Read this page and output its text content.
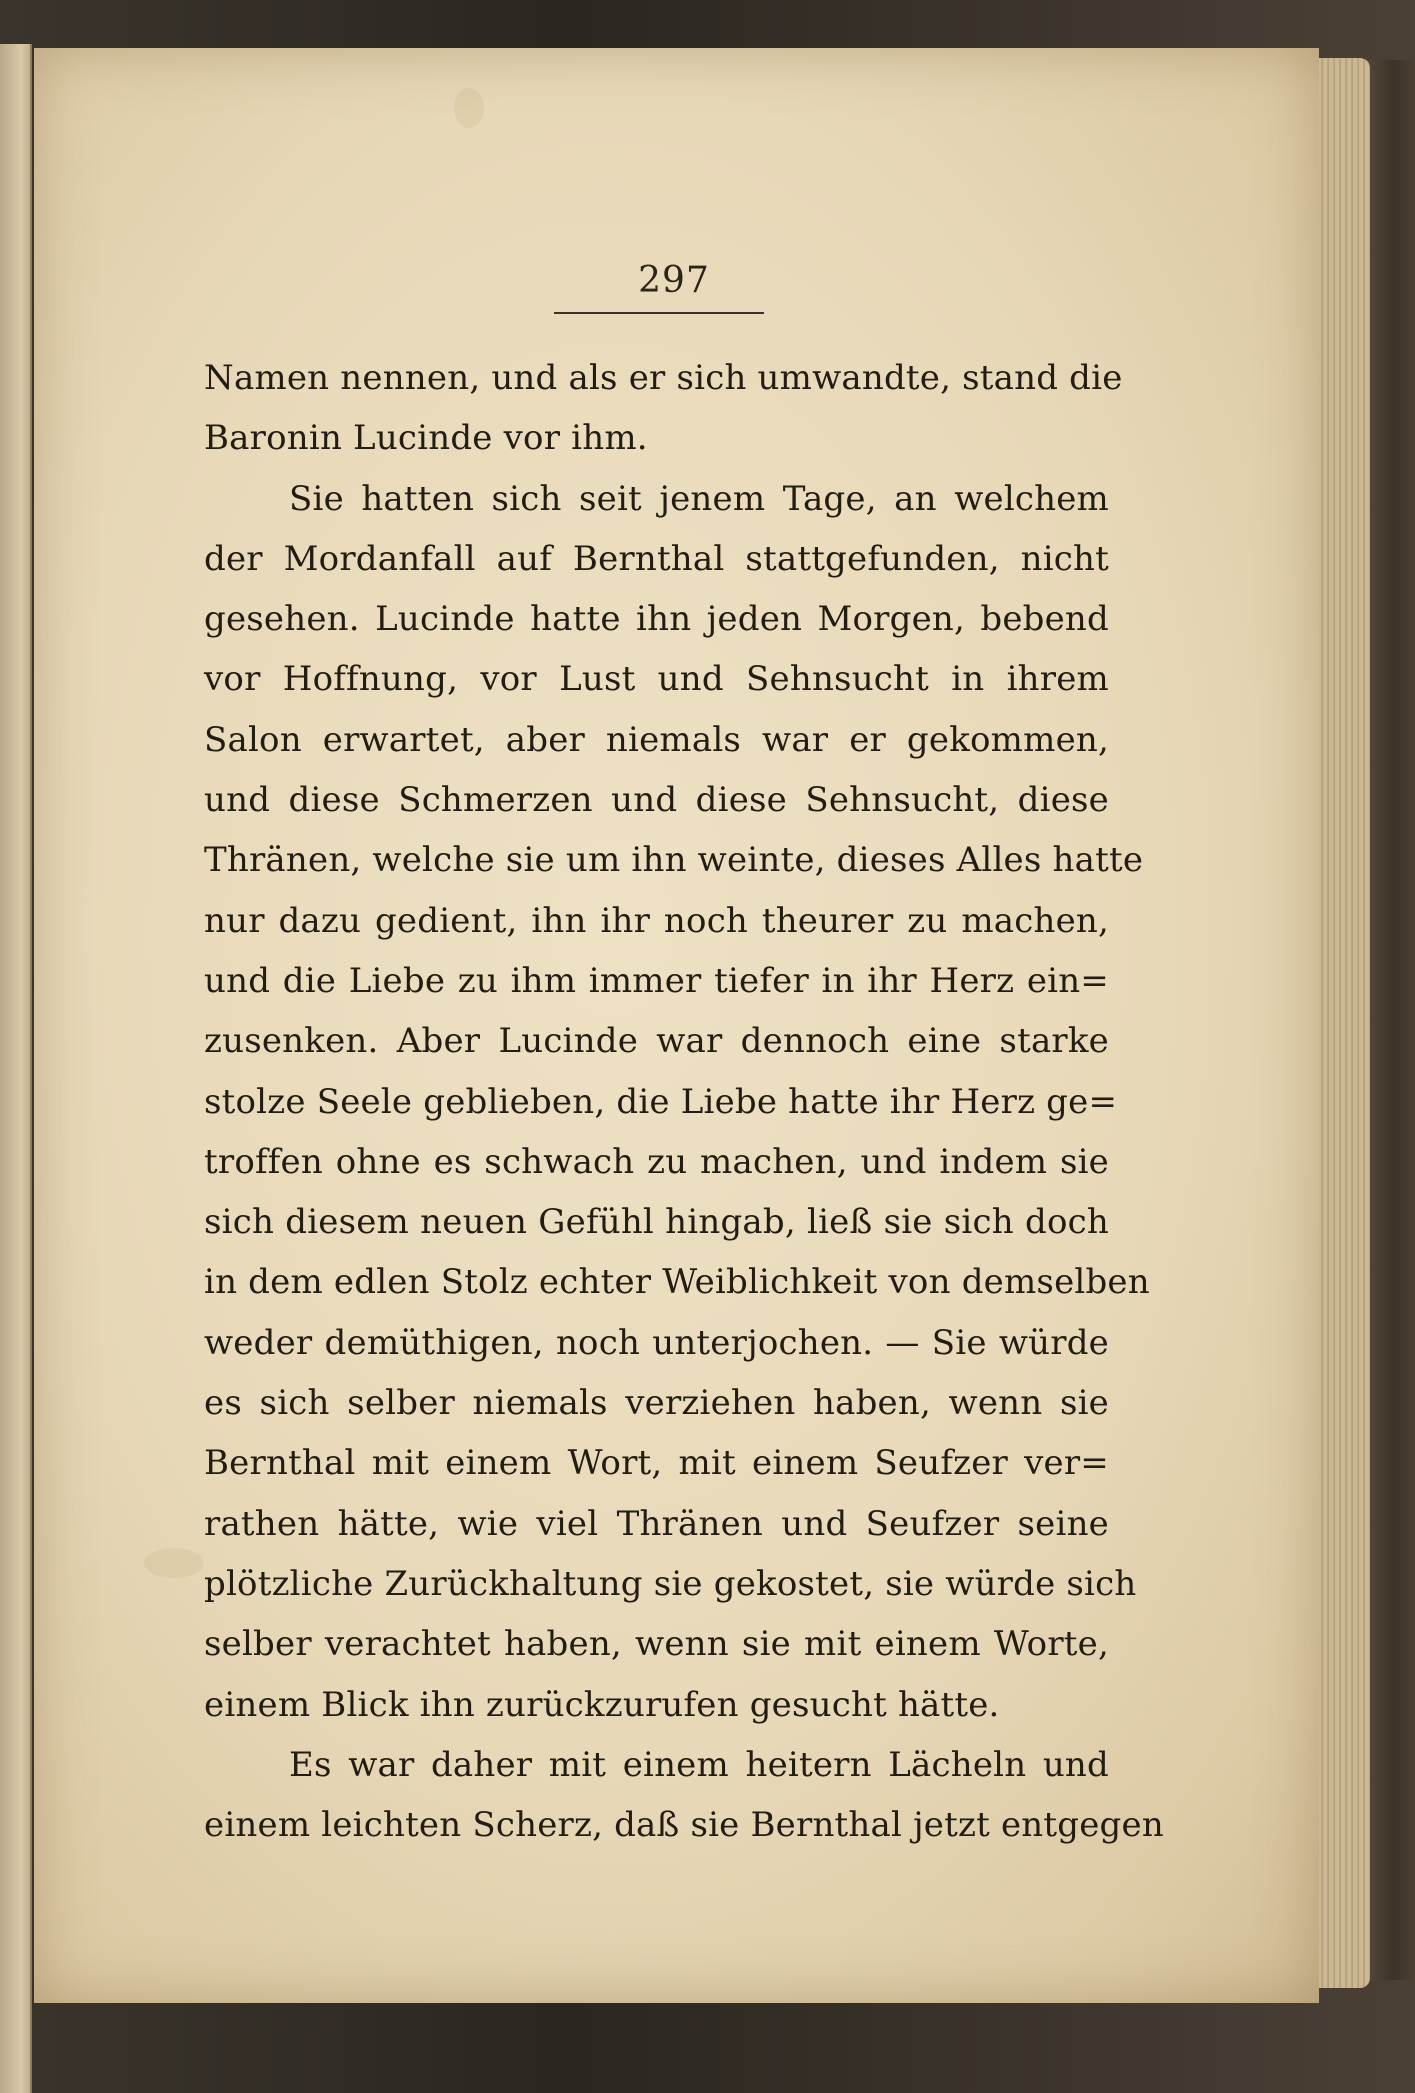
297
Namen nennen, und als er sich umwandte, stand die
Baronin Lucinde vor ihm.
Sie hatten sich seit jenem Tage, an welchem
der Mordanfall auf Bernthal stattgefunden, nicht
gesehen. Lucinde hatte ihn jeden Morgen, bebend
vor Hoffnung, vor Lust und Sehnsucht in ihrem
Salon erwartet, aber niemals war er gekommen,
und diese Schmerzen und diese Sehnsucht, diese
Thränen, welche sie um ihn weinte, dieses Alles hatte
nur dazu gedient, ihn ihr noch theurer zu machen,
und die Liebe zu ihm immer tiefer in ihr Herz ein=
zusenken. Aber Lucinde war dennoch eine starke
stolze Seele geblieben, die Liebe hatte ihr Herz ge=
troffen ohne es schwach zu machen, und indem sie
sich diesem neuen Gefühl hingab, ließ sie sich doch
in dem edlen Stolz echter Weiblichkeit von demselben
weder demüthigen, noch unterjochen. — Sie würde
es sich selber niemals verziehen haben, wenn sie
Bernthal mit einem Wort, mit einem Seufzer ver=
rathen hätte, wie viel Thränen und Seufzer seine
plötzliche Zurückhaltung sie gekostet, sie würde sich
selber verachtet haben, wenn sie mit einem Worte,
einem Blick ihn zurückzurufen gesucht hätte.
Es war daher mit einem heitern Lächeln und
einem leichten Scherz, daß sie Bernthal jetzt entgegen
